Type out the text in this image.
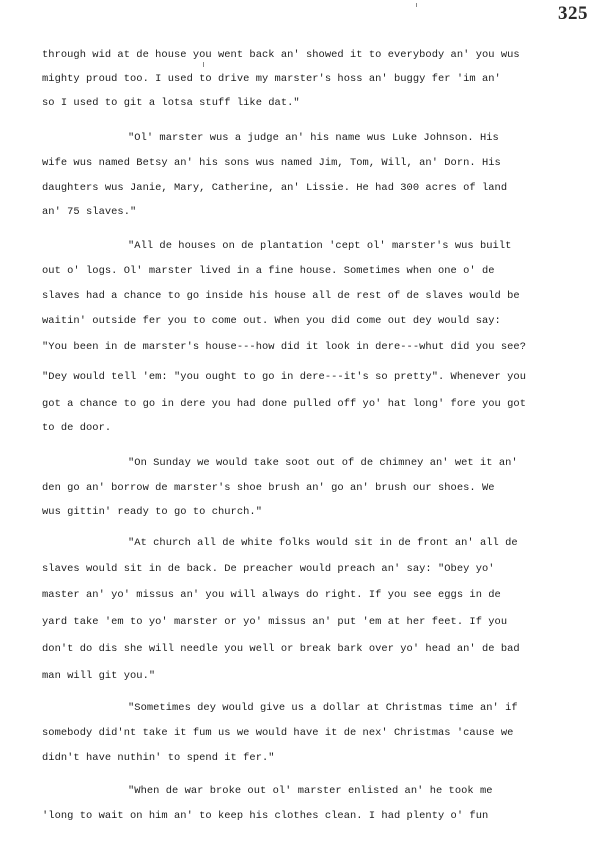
325
through wid at de house you went back an' showed it to everybody an' you wus
mighty proud too. I used to drive my marster's hoss an' buggy fer 'im an'
so I used to git a lotsa stuff like dat."
"Ol' marster wus a judge an' his name wus Luke Johnson. His
wife wus named Betsy an' his sons wus named Jim, Tom, Will, an' Dorn. His
daughters wus Janie, Mary, Catherine, an' Lissie. He had 300 acres of land
an' 75 slaves."
"All de houses on de plantation 'cept ol' marster's wus built
out o' logs. Ol' marster lived in a fine house. Sometimes when one o' de
slaves had a chance to go inside his house all de rest of de slaves would be
waitin' outside fer you to come out. When you did come out dey would say:
"You been in de marster's house---how did it look in dere---whut did you see?
"Dey would tell 'em: "you ought to go in dere---it's so pretty". Whenever you
got a chance to go in dere you had done pulled off yo' hat long' fore you got
to de door.
"On Sunday we would take soot out of de chimney an' wet it an'
den go an' borrow de marster's shoe brush an' go an' brush our shoes. We
wus gittin' ready to go to church."
"At church all de white folks would sit in de front an' all de
slaves would sit in de back. De preacher would preach an' say: "Obey yo'
master an' yo' missus an' you will always do right. If you see eggs in de
yard take 'em to yo' marster or yo' missus an' put 'em at her feet. If you
don't do dis she will needle you well or break bark over yo' head an' de bad
man will git you."
"Sometimes dey would give us a dollar at Christmas time an' if
somebody did'nt take it fum us we would have it de nex' Christmas 'cause we
didn't have nuthin' to spend it fer."
"When de war broke out ol' marster enlisted an' he took me
'long to wait on him an' to keep his clothes clean. I had plenty o' fun
